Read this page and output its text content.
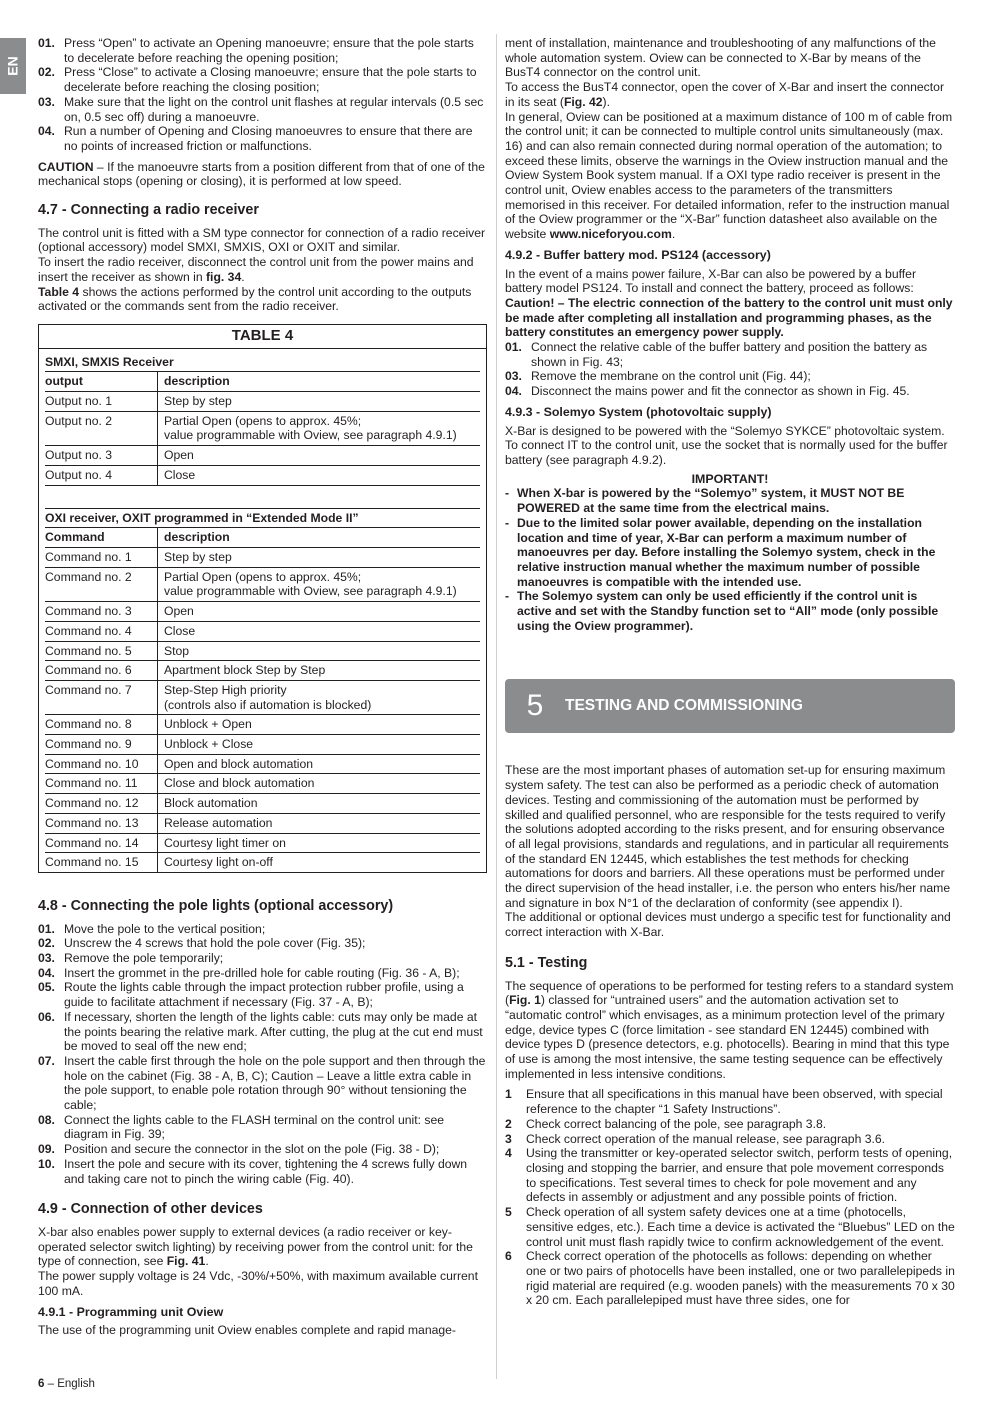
EN
01. Press “Open” to activate an Opening manoeuvre; ensure that the pole starts to decelerate before reaching the opening position;
02. Press “Close” to activate a Closing manoeuvre; ensure that the pole starts to decelerate before reaching the closing position;
03. Make sure that the light on the control unit flashes at regular intervals (0.5 sec on, 0.5 sec off) during a manoeuvre.
04. Run a number of Opening and Closing manoeuvres to ensure that there are no points of increased friction or malfunctions.

CAUTION – If the manoeuvre starts from a position different from that of one of the mechanical stops (opening or closing), it is performed at low speed.

4.7 - Connecting a radio receiver

The control unit is fitted with a SM type connector for connection of a radio receiver (optional accessory) model SMXI, SMXIS, OXI or OXIT and similar.

To insert the radio receiver, disconnect the control unit from the power mains and insert the receiver as shown in fig. 34.

Table 4 shows the actions performed by the control unit according to the outputs activated or the commands sent from the radio receiver.

TABLE 4
SMXI, SMXIS Receiver
output	description
Output no. 1	Step by step
Output no. 2	Partial Open (opens to approx. 45%;
value programmable with Oview, see paragraph 4.9.1)
Output no. 3	Open
Output no. 4	Close
OXI receiver, OXIT programmed in “Extended Mode II”
Command	description
Command no. 1	Step by step
Command no. 2	Partial Open (opens to approx. 45%;
value programmable with Oview, see paragraph 4.9.1)
Command no. 3	Open
Command no. 4	Close
Command no. 5	Stop
Command no. 6	Apartment block Step by Step
Command no. 7	Step-Step High priority
(controls also if automation is blocked)
Command no. 8	Unblock + Open
Command no. 9	Unblock + Close
Command no. 10	Open and block automation
Command no. 11	Close and block automation
Command no. 12	Block automation
Command no. 13	Release automation
Command no. 14	Courtesy light timer on
Command no. 15	Courtesy light on-off
4.8 - Connecting the pole lights (optional accessory)
01. Move the pole to the vertical position;
02. Unscrew the 4 screws that hold the pole cover (Fig. 35);
03. Remove the pole temporarily;
04. Insert the grommet in the pre-drilled hole for cable routing (Fig. 36 - A, B);
05. Route the lights cable through the impact protection rubber profile, using a guide to facilitate attachment if necessary (Fig. 37 - A, B);
06. If necessary, shorten the length of the lights cable: cuts may only be made at the points bearing the relative mark. After cutting, the plug at the cut end must be moved to seal off the new end;
07. Insert the cable first through the hole on the pole support and then through the hole on the cabinet (Fig. 38 - A, B, C); Caution – Leave a little extra cable in the pole support, to enable pole rotation through 90° without tensioning the cable;
08. Connect the lights cable to the FLASH terminal on the control unit: see diagram in Fig. 39;
09. Position and secure the connector in the slot on the pole (Fig. 38 - D);
10. Insert the pole and secure with its cover, tightening the 4 screws fully down and taking care not to pinch the wiring cable (Fig. 40).
4.9 - Connection of other devices

X-bar also enables power supply to external devices (a radio receiver or key-operated selector switch lighting) by receiving power from the control unit: for the type of connection, see Fig. 41.

The power supply voltage is 24 Vdc, -30%/+50%, with maximum available current 100 mA.

4.9.1 - Programming unit Oview

The use of the programming unit Oview enables complete and rapid manage-

ment of installation, maintenance and troubleshooting of any malfunctions of the whole automation system. Oview can be connected to X-Bar by means of the BusT4 connector on the control unit.

To access the BusT4 connector, open the cover of X-Bar and insert the connector in its seat (Fig. 42).

In general, Oview can be positioned at a maximum distance of 100 m of cable from the control unit; it can be connected to multiple control units simultaneously (max. 16) and can also remain connected during normal operation of the automation; to exceed these limits, observe the warnings in the Oview instruction manual and the Oview System Book system manual. If a OXI type radio receiver is present in the control unit, Oview enables access to the parameters of the transmitters memorised in this receiver. For detailed information, refer to the instruction manual of the Oview programmer or the “X-Bar” function datasheet also available on the website www.niceforyou.com.

4.9.2 - Buffer battery mod. PS124 (accessory)

In the event of a mains power failure, X-Bar can also be powered by a buffer battery model PS124. To install and connect the battery, proceed as follows:

Caution! – The electric connection of the battery to the control unit must only be made after completing all installation and programming phases, as the battery constitutes an emergency power supply.

01. Connect the relative cable of the buffer battery and position the battery as shown in Fig. 43;
03. Remove the membrane on the control unit (Fig. 44);
04. Disconnect the mains power and fit the connector as shown in Fig. 45.
4.9.3 - Solemyo System (photovoltaic supply)

X-Bar is designed to be powered with the “Solemyo SYKCE” photovoltaic system. To connect IT to the control unit, use the socket that is normally used for the buffer battery (see paragraph 4.9.2).

IMPORTANT!
- When X-bar is powered by the “Solemyo” system, it MUST NOT BE POWERED at the same time from the electrical mains.
- Due to the limited solar power available, depending on the installation location and time of year, X-Bar can perform a maximum number of manoeuvres per day. Before installing the Solemyo system, check in the relative instruction manual whether the maximum number of possible manoeuvres is compatible with the intended use.
- The Solemyo system can only be used efficiently if the control unit is active and set with the Standby function set to “All” mode (only possible using the Oview programmer).
5	TESTING AND COMMISSIONING

These are the most important phases of automation set-up for ensuring maximum system safety. The test can also be performed as a periodic check of automation devices. Testing and commissioning of the automation must be performed by skilled and qualified personnel, who are responsible for the tests required to verify the solutions adopted according to the risks present, and for ensuring observance of all legal provisions, standards and regulations, and in particular all requirements of the standard EN 12445, which establishes the test methods for checking automations for doors and barriers. All these operations must be performed under the direct supervision of the head installer, i.e. the person who enters his/her name and signature in box N°1 of the declaration of conformity (see appendix I).

The additional or optional devices must undergo a specific test for functionality and correct interaction with X-Bar.

5.1 - Testing

The sequence of operations to be performed for testing refers to a standard system (Fig. 1) classed for “untrained users” and the automation activation set to “automatic control” which envisages, as a minimum protection level of the primary edge, device types C (force limitation - see standard EN 12445) combined with device types D (presence detectors, e.g. photocells). Bearing in mind that this type of use is among the most intensive, the same testing sequence can be effectively implemented in less intensive conditions.

1	Ensure that all specifications in this manual have been observed, with special reference to the chapter “1 Safety Instructions”.
2	Check correct balancing of the pole, see paragraph 3.8.
3	Check correct operation of the manual release, see paragraph 3.6.
4	Using the transmitter or key-operated selector switch, perform tests of opening, closing and stopping the barrier, and ensure that pole movement corresponds to specifications. Test several times to check for pole movement and any defects in assembly or adjustment and any possible points of friction.
5	Check operation of all system safety devices one at a time (photocells, sensitive edges, etc.). Each time a device is activated the “Bluebus” LED on the control unit must flash rapidly twice to confirm acknowledgement of the event.
6	Check correct operation of the photocells as follows: depending on whether one or two pairs of photocells have been installed, one or two parallelepipeds in rigid material are required (e.g. wooden panels) with the measurements 70 x 30 x 20 cm. Each parallelepiped must have three sides, one for
6 – English
